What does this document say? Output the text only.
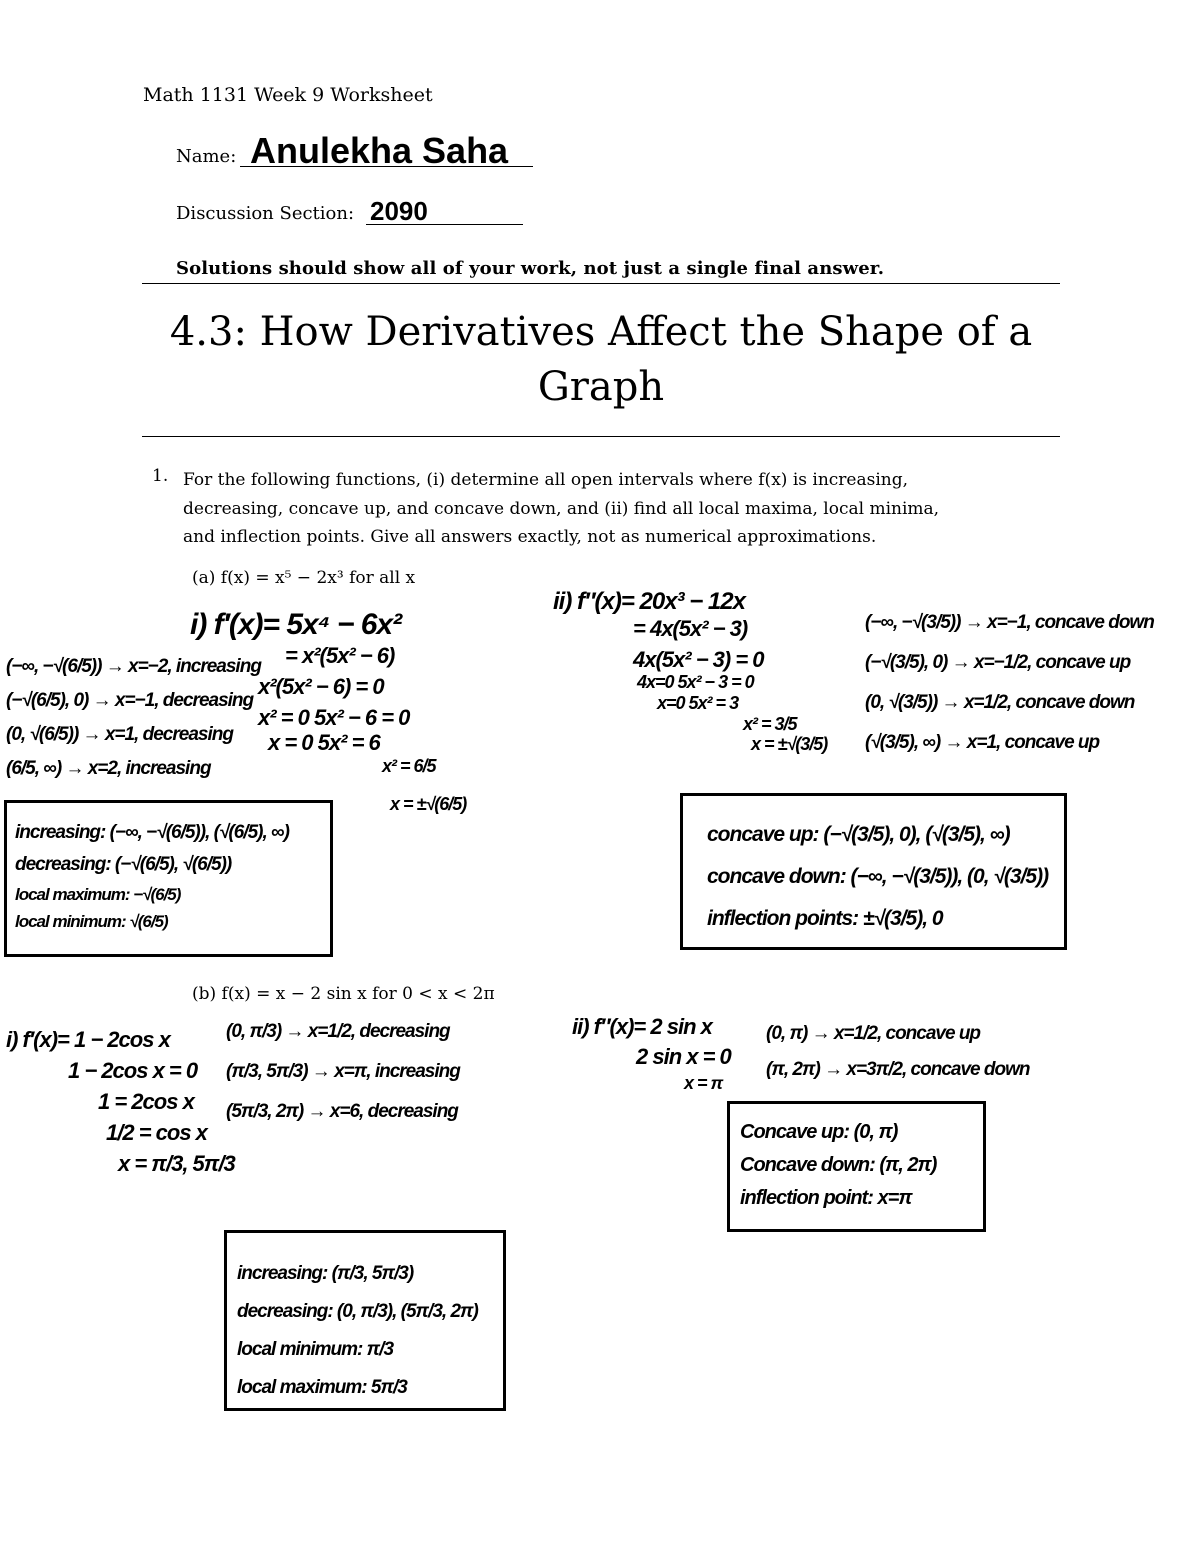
Math 1131 Week 9 Worksheet
Name: Anulekha Saha
Discussion Section: 2090
Solutions should show all of your work, not just a single final answer.
4.3: How Derivatives Affect the Shape of a
Graph
1. For the following functions, (i) determine all open intervals where f(x) is increasing,
decreasing, concave up, and concave down, and (ii) find all local maxima, local minima,
and inflection points. Give all answers exactly, not as numerical approximations.
(a) f(x) = x⁵ − 2x³ for all x
i) f′(x)= 5x⁴ − 6x²
= x²(5x² − 6)
x²(5x² − 6) = 0
x² = 0 5x² − 6 = 0
x = 0 5x² = 6
x² = 6/5
x = ±√(6/5)
(−∞, −√(6/5)) → x=−2, increasing
(−√(6/5), 0) → x=−1, decreasing
(0, √(6/5)) → x=1, decreasing
(6/5, ∞) → x=2, increasing
increasing: (−∞, −√(6/5)), (√(6/5), ∞)
decreasing: (−√(6/5), √(6/5))
local maximum: −√(6/5)
local minimum: √(6/5)
ii) f″(x)= 20x³ − 12x
= 4x(5x² − 3)
4x(5x² − 3) = 0
4x=0 5x² − 3 = 0
x=0 5x² = 3
x² = 3/5
x = ±√(3/5)
(−∞, −√(3/5)) → x=−1, concave down
(−√(3/5), 0) → x=−1/2, concave up
(0, √(3/5)) → x=1/2, concave down
(√(3/5), ∞) → x=1, concave up
concave up: (−√(3/5), 0), (√(3/5), ∞)
concave down: (−∞, −√(3/5)), (0, √(3/5))
inflection points: ±√(3/5), 0
(b) f(x) = x − 2 sin x for 0 < x < 2π
i) f′(x)= 1 − 2cos x
1 − 2cos x = 0
1 = 2cos x
1/2 = cos x
x = π/3, 5π/3
(0, π/3) → x=1/2, decreasing
(π/3, 5π/3) → x=π, increasing
(5π/3, 2π) → x=6, decreasing
ii) f″(x)= 2 sin x
2 sin x = 0
x = π
(0, π) → x=1/2, concave up
(π, 2π) → x=3π/2, concave down
Concave up: (0, π)
Concave down: (π, 2π)
inflection point: x=π
increasing: (π/3, 5π/3)
decreasing: (0, π/3), (5π/3, 2π)
local minimum: π/3
local maximum: 5π/3
